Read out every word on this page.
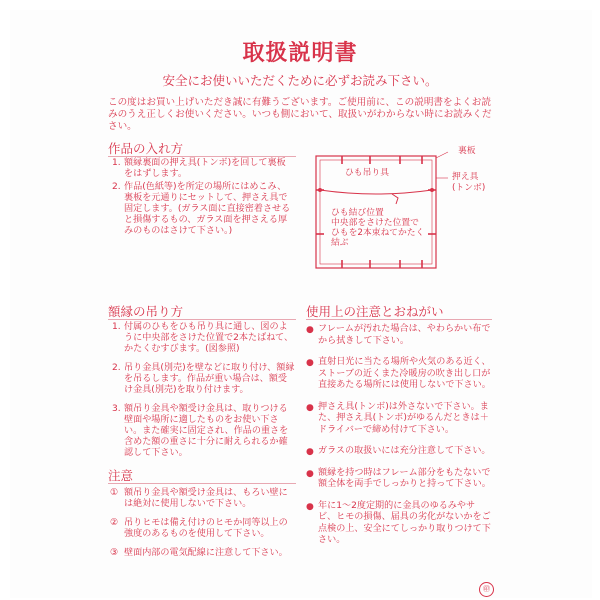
取扱説明書
安全にお使いいただくために必ずお読み下さい。
この度はお買い上げいただき誠に有難うございます。ご使用前に、この説明書をよくお読みのうえ正しくお使いください。いつも側において、取扱いがわからない時にお読みください。
作品の入れ方
1. 額縁裏面の押え具(トンボ)を回して裏板をはずします。
2. 作品(色紙等)を所定の場所にはめこみ、裏板を元通りにセットして、押さえ具で固定します。(ガラス面に直接密着させると損傷するもの、ガラス面を押さえる厚みのものはさけて下さい。)
裏板
ひも吊り具	押え具
(トンボ)
ひも結び位置
中央部をさけた位置で
ひもを2本束ねてかたく
結ぶ
額縁の吊り方
1. 付属のひもをひも吊り具に通し、図のように中央部をさけた位置で2本たばねて、かたくむすびます。(図参照)
2. 吊り金具(別売)を壁などに取り付け、額縁を吊るします。作品が重い場合は、額受け金具(別売)を取り付けます。
3. 額吊り金具や額受け金具は、取りつける壁面や場所に適したものをお使い下さい。また確実に固定され、作品の重さを含めた額の重さに十分に耐えられるか確認して下さい。
注意
① 額吊り金具や額受け金具は、もろい壁には絶対に使用しないで下さい。
② 吊りヒモは備え付けのヒモか同等以上の強度のあるものを使用して下さい。
③ 壁面内部の電気配線に注意して下さい。
使用上の注意とおねがい
● フレームが汚れた場合は、やわらかい布でから拭きして下さい。
● 直射日光に当たる場所や火気のある近く、ストーブの近くまた冷暖房の吹き出し口が直接あたる場所には使用しないで下さい。
● 押さえ具(トンボ)は外さないで下さい。また、押さえ具(トンボ)がゆるんだときは＋ドライバーで締め付けて下さい。
● ガラスの取扱いには充分注意して下さい。
● 額縁を持つ時はフレーム部分をもたないで額全体を両手でしっかりと持って下さい。
● 年に1～2度定期的に金具のゆるみやサビ、ヒモの損傷、届具の劣化がないかをご点検の上、安全にてしっかり取りつけて下さい。
㊞
